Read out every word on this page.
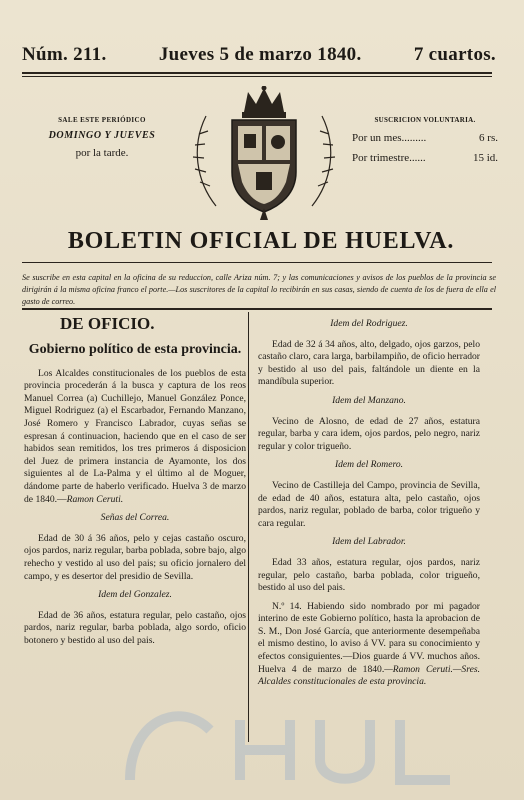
Núm. 211.	Jueves 5 de marzo 1840.	7 cuartos.
SALE ESTE PERIÓDICO
DOMINGO Y JUEVES
por la tarde.
SUSCRICION VOLUNTARIA.
Por un mes.........	6 rs.
Por trimestre......	15 id.
BOLETIN OFICIAL DE HUELVA.
Se suscribe en esta capital en la oficina de su reduccion, calle Ariza núm. 7; y las comunicaciones y avisos de los pueblos de la provincia se dirigirán á la misma oficina franco el porte.—Los suscritores de la capital lo recibirán en sus casas, siendo de cuenta de los de fuera de ella el gasto de correo.
DE OFICIO.
Gobierno político de esta provincia.

Los Alcaldes constitucionales de los pueblos de esta provincia procederán á la busca y captura de los reos Manuel Correa (a) Cuchillejo, Manuel González Ponce, Miguel Rodriguez (a) el Escarbador, Fernando Manzano, José Romero y Francisco Labrador, cuyas señas se espresan á continuacion, haciendo que en el caso de ser habidos sean remitidos, los tres primeros á disposicion del Juez de primera instancia de Ayamonte, los dos siguientes al de La-Palma y el último al de Moguer, dándome parte de haberlo verificado. Huelva 3 de marzo de 1840.—Ramon Ceruti.

Señas del Correa.

Edad de 30 á 36 años, pelo y cejas castaño oscuro, ojos pardos, nariz regular, barba poblada, sobre bajo, algo rehecho y vestido al uso del pais; su oficio jornalero del campo, y es desertor del presidio de Sevilla.

Idem del Gonzalez.

Edad de 36 años, estatura regular, pelo castaño, ojos pardos, nariz regular, barba poblada, algo sordo, oficio botonero y bestido al uso del pais.

Idem del Rodriguez.

Edad de 32 á 34 años, alto, delgado, ojos garzos, pelo castaño claro, cara larga, barbilampiño, de oficio herrador y bestido al uso del pais, faltándole un diente en la mandíbula superior.

Idem del Manzano.

Vecino de Alosno, de edad de 27 años, estatura regular, barba y cara idem, ojos pardos, pelo negro, nariz regular y color trigueño.

Idem del Romero.

Vecino de Castilleja del Campo, provincia de Sevilla, de edad de 40 años, estatura alta, pelo castaño, ojos pardos, nariz regular, poblado de barba, color trigueño y cara regular.

Idem del Labrador.

Edad 33 años, estatura regular, ojos pardos, nariz regular, pelo castaño, barba poblada, color trigueño, bestido al uso del pais.

N.º 14. Habiendo sido nombrado por mi pagador interino de este Gobierno político, hasta la aprobacion de S. M., Don José García, que anteriormente desempeñaba el mismo destino, lo aviso á VV. para su conocimiento y efectos consiguientes.—Dios guarde á VV. muchos años. Huelva 4 de marzo de 1840.—Ramon Ceruti.—Sres. Alcaldes constitucionales de esta provincia.
